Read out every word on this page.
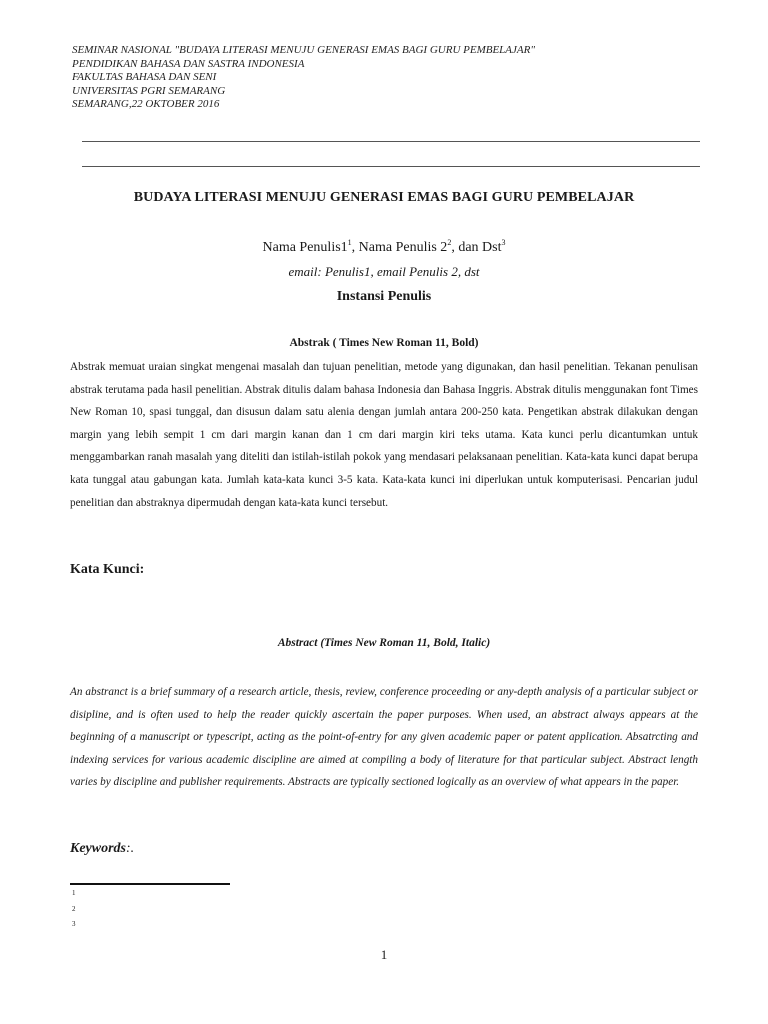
SEMINAR NASIONAL "BUDAYA LITERASI MENUJU GENERASI EMAS BAGI GURU PEMBELAJAR"
PENDIDIKAN BAHASA DAN SASTRA INDONESIA
FAKULTAS BAHASA DAN SENI
UNIVERSITAS PGRI SEMARANG
SEMARANG,22 OKTOBER 2016
BUDAYA LITERASI MENUJU GENERASI EMAS BAGI GURU PEMBELAJAR
Nama $Penulis1^1$, Nama Penulis $2^2$, dan Dst$^3$
email: Penulis1, email Penulis 2, dst
Instansi Penulis
Abstrak ( Times New Roman 11, Bold)
Abstrak memuat uraian singkat mengenai masalah dan tujuan penelitian, metode yang digunakan, dan hasil penelitian. Tekanan penulisan abstrak terutama pada hasil penelitian. Abstrak ditulis dalam bahasa Indonesia dan Bahasa Inggris. Abstrak ditulis menggunakan font Times New Roman 10, spasi tunggal, dan disusun dalam satu alenia dengan jumlah antara 200-250 kata. Pengetikan abstrak dilakukan dengan margin yang lebih sempit 1 cm dari margin kanan dan 1 cm dari margin kiri teks utama. Kata kunci perlu dicantumkan untuk menggambarkan ranah masalah yang diteliti dan istilah-istilah pokok yang mendasari pelaksanaan penelitian. Kata-kata kunci dapat berupa kata tunggal atau gabungan kata. Jumlah kata-kata kunci 3-5 kata. Kata-kata kunci ini diperlukan untuk komputerisasi. Pencarian judul penelitian dan abstraknya dipermudah dengan kata-kata kunci tersebut.
Kata Kunci:
Abstract (Times New Roman 11, Bold, Italic)
An abstranct is a brief summary of a research article, thesis, review, conference proceeding or any-depth analysis of a particular subject or disipline, and is often used to help the reader quickly ascertain the paper purposes. When used, an abstract always appears at the beginning of a manuscript or typescript, acting as the point-of-entry for any given academic paper or patent application. Absatrcting and indexing services for various academic discipline are aimed at compiling a body of literature for that particular subject. Abstract length varies by discipline and publisher requirements. Abstracts are typically sectioned logically as an overview of what appears in the paper.
Keywords:.
1
2
3
1
